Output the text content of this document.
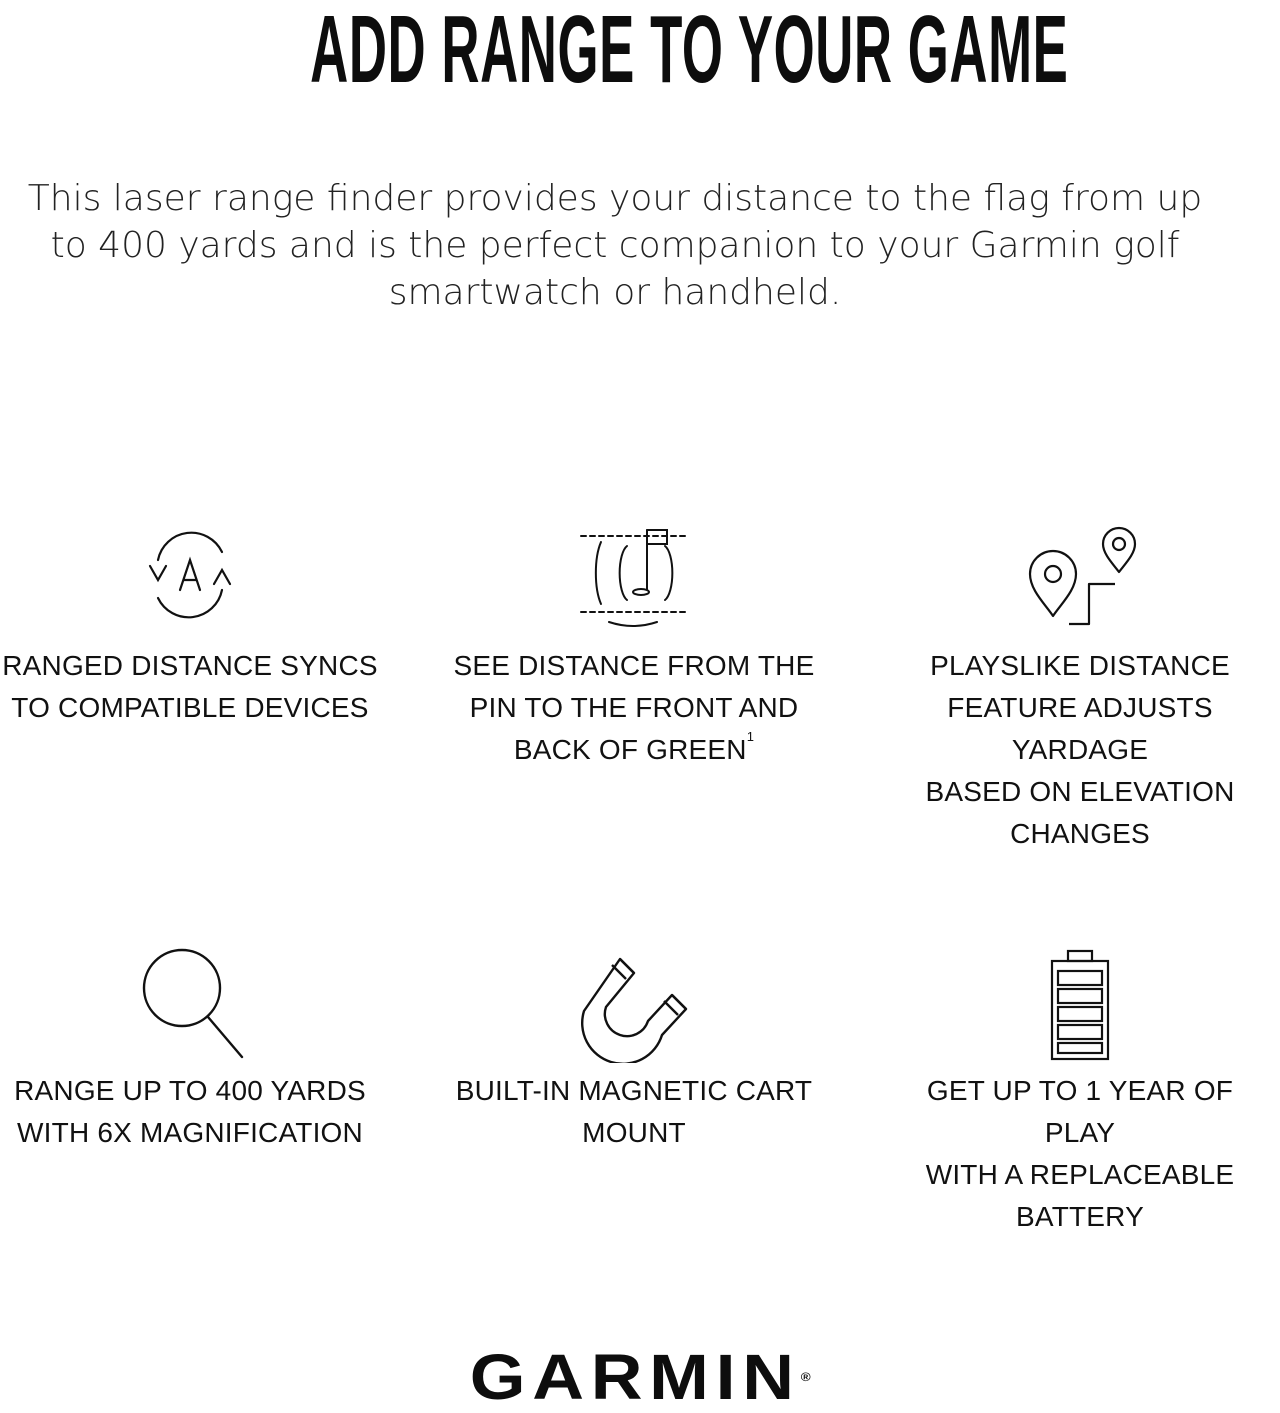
ADD RANGE TO YOUR GAME
This laser range finder provides your distance to the flag from up to 400 yards and is the perfect companion to your Garmin golf smartwatch or handheld.
RANGED DISTANCE SYNCS
TO COMPATIBLE DEVICES
SEE DISTANCE FROM THE
PIN TO THE FRONT AND
BACK OF GREEN$^1$
PLAYSLIKE DISTANCE
FEATURE ADJUSTS YARDAGE
BASED ON ELEVATION
CHANGES
RANGE UP TO 400 YARDS
WITH 6X MAGNIFICATION
BUILT-IN MAGNETIC CART
MOUNT
GET UP TO 1 YEAR OF PLAY
WITH A REPLACEABLE
BATTERY
GARMIN®
